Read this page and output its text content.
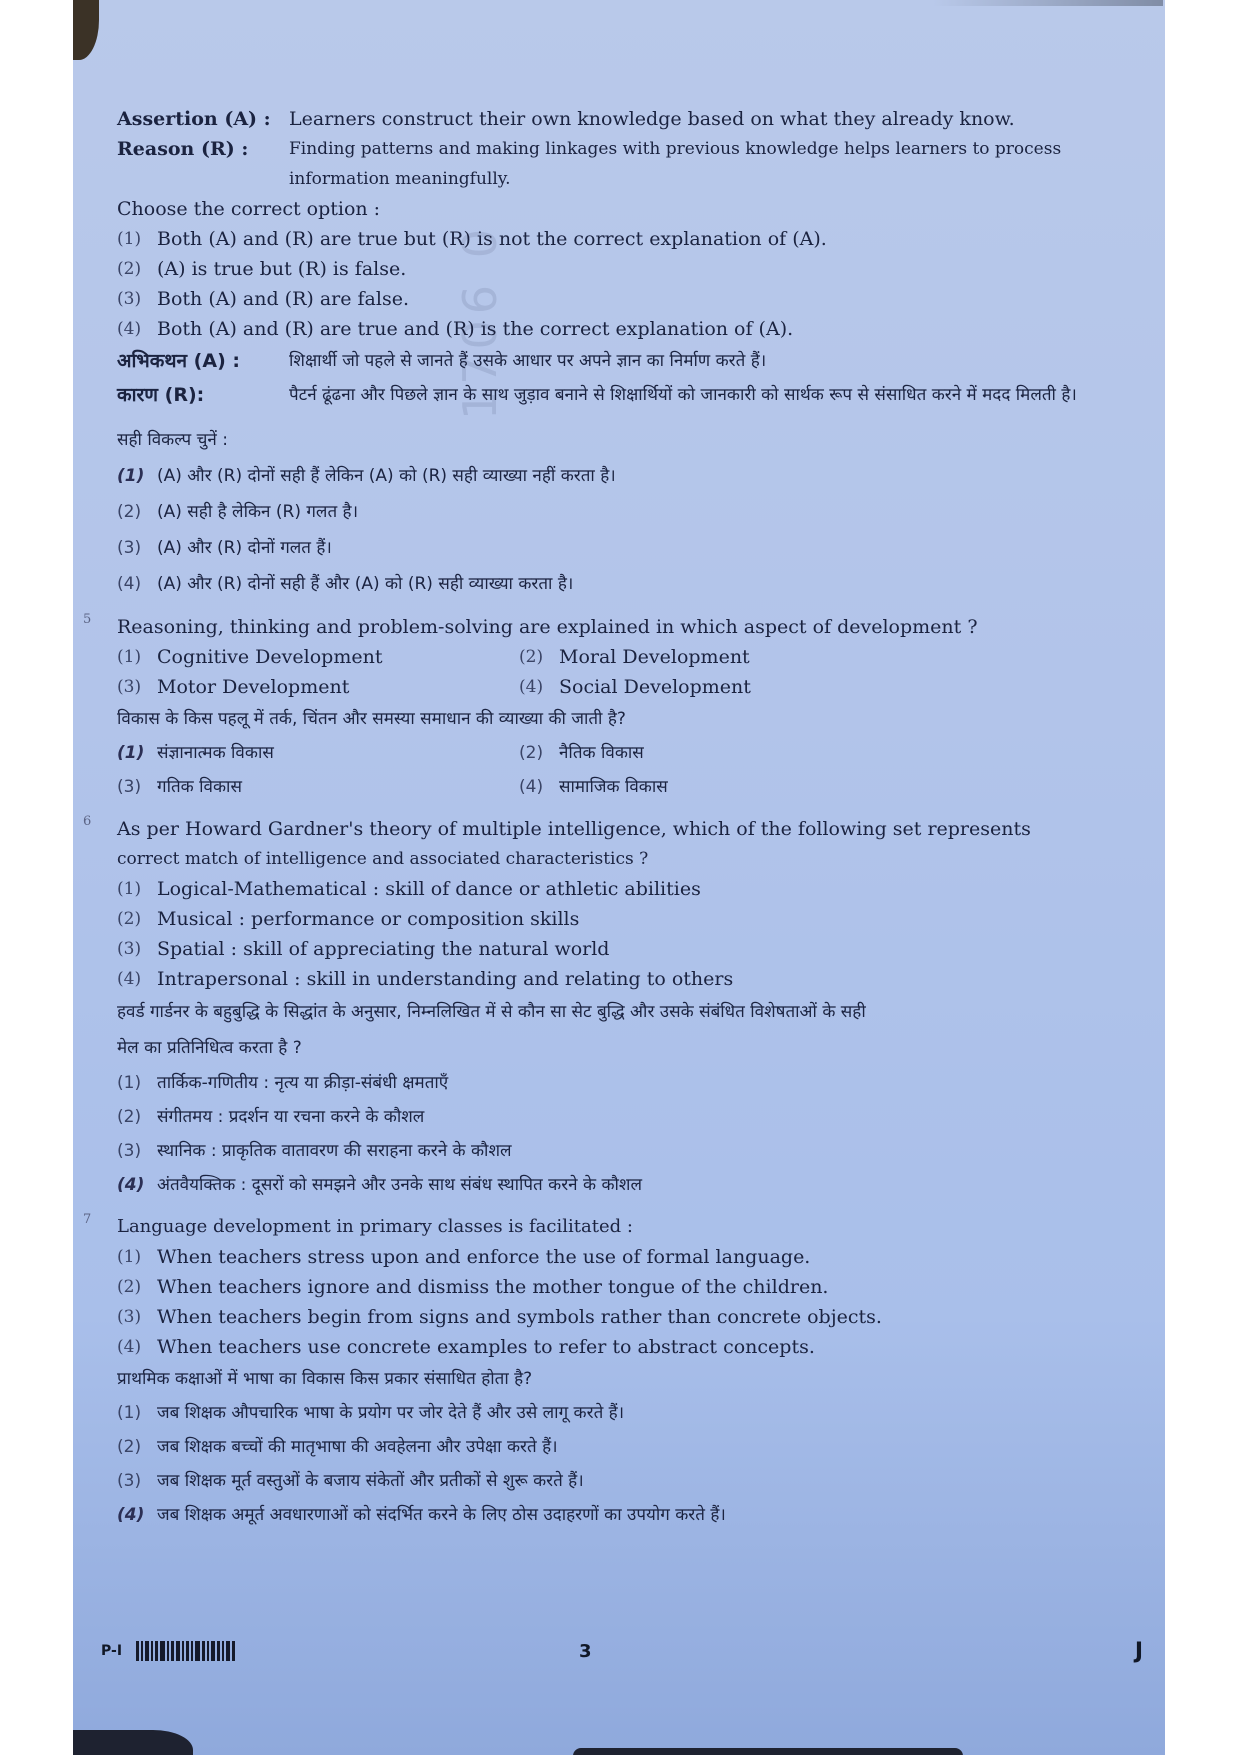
1706 0
Assertion (A) : Learners construct their own knowledge based on what they already know.
Reason (R) :	Finding patterns and making linkages with previous knowledge helps learners to process information meaningfully.
Choose the correct option :
(1) Both (A) and (R) are true but (R) is not the correct explanation of (A).
(2) (A) is true but (R) is false.
(3) Both (A) and (R) are false.
(4) Both (A) and (R) are true and (R) is the correct explanation of (A).
अभिकथन (A) :	शिक्षार्थी जो पहले से जानते हैं उसके आधार पर अपने ज्ञान का निर्माण करते हैं।
कारण (R):	पैटर्न ढूंढना और पिछले ज्ञान के साथ जुड़ाव बनाने से शिक्षार्थियों को जानकारी को सार्थक रूप से संसाधित करने में मदद मिलती है।
सही विकल्प चुनें :
(1) (A) और (R) दोनों सही हैं लेकिन (A) को (R) सही व्याख्या नहीं करता है।
(2) (A) सही है लेकिन (R) गलत है।
(3) (A) और (R) दोनों गलत हैं।
(4) (A) और (R) दोनों सही हैं और (A) को (R) सही व्याख्या करता है।
5 Reasoning, thinking and problem-solving are explained in which aspect of development ?
(1) Cognitive Development	(2) Moral Development
(3) Motor Development	(4) Social Development
विकास के किस पहलू में तर्क, चिंतन और समस्या समाधान की व्याख्या की जाती है?
(1) संज्ञानात्मक विकास	(2) नैतिक विकास
(3) गतिक विकास	(4) सामाजिक विकास
6 As per Howard Gardner's theory of multiple intelligence, which of the following set represents
correct match of intelligence and associated characteristics ?
(1) Logical-Mathematical : skill of dance or athletic abilities
(2) Musical : performance or composition skills
(3) Spatial : skill of appreciating the natural world
(4) Intrapersonal : skill in understanding and relating to others
हवर्ड गार्डनर के बहुबुद्धि के सिद्धांत के अनुसार, निम्नलिखित में से कौन सा सेट बुद्धि और उसके संबंधित विशेषताओं के सही
मेल का प्रतिनिधित्व करता है ?
(1) तार्किक-गणितीय : नृत्य या क्रीड़ा-संबंधी क्षमताएँ
(2) संगीतमय : प्रदर्शन या रचना करने के कौशल
(3) स्थानिक : प्राकृतिक वातावरण की सराहना करने के कौशल
(4) अंतवैयक्तिक : दूसरों को समझने और उनके साथ संबंध स्थापित करने के कौशल
7 Language development in primary classes is facilitated :
(1) When teachers stress upon and enforce the use of formal language.
(2) When teachers ignore and dismiss the mother tongue of the children.
(3) When teachers begin from signs and symbols rather than concrete objects.
(4) When teachers use concrete examples to refer to abstract concepts.
प्राथमिक कक्षाओं में भाषा का विकास किस प्रकार संसाधित होता है?
(1) जब शिक्षक औपचारिक भाषा के प्रयोग पर जोर देते हैं और उसे लागू करते हैं।
(2) जब शिक्षक बच्चों की मातृभाषा की अवहेलना और उपेक्षा करते हैं।
(3) जब शिक्षक मूर्त वस्तुओं के बजाय संकेतों और प्रतीकों से शुरू करते हैं।
(4) जब शिक्षक अमूर्त अवधारणाओं को संदर्भित करने के लिए ठोस उदाहरणों का उपयोग करते हैं।
P-I	3	J
